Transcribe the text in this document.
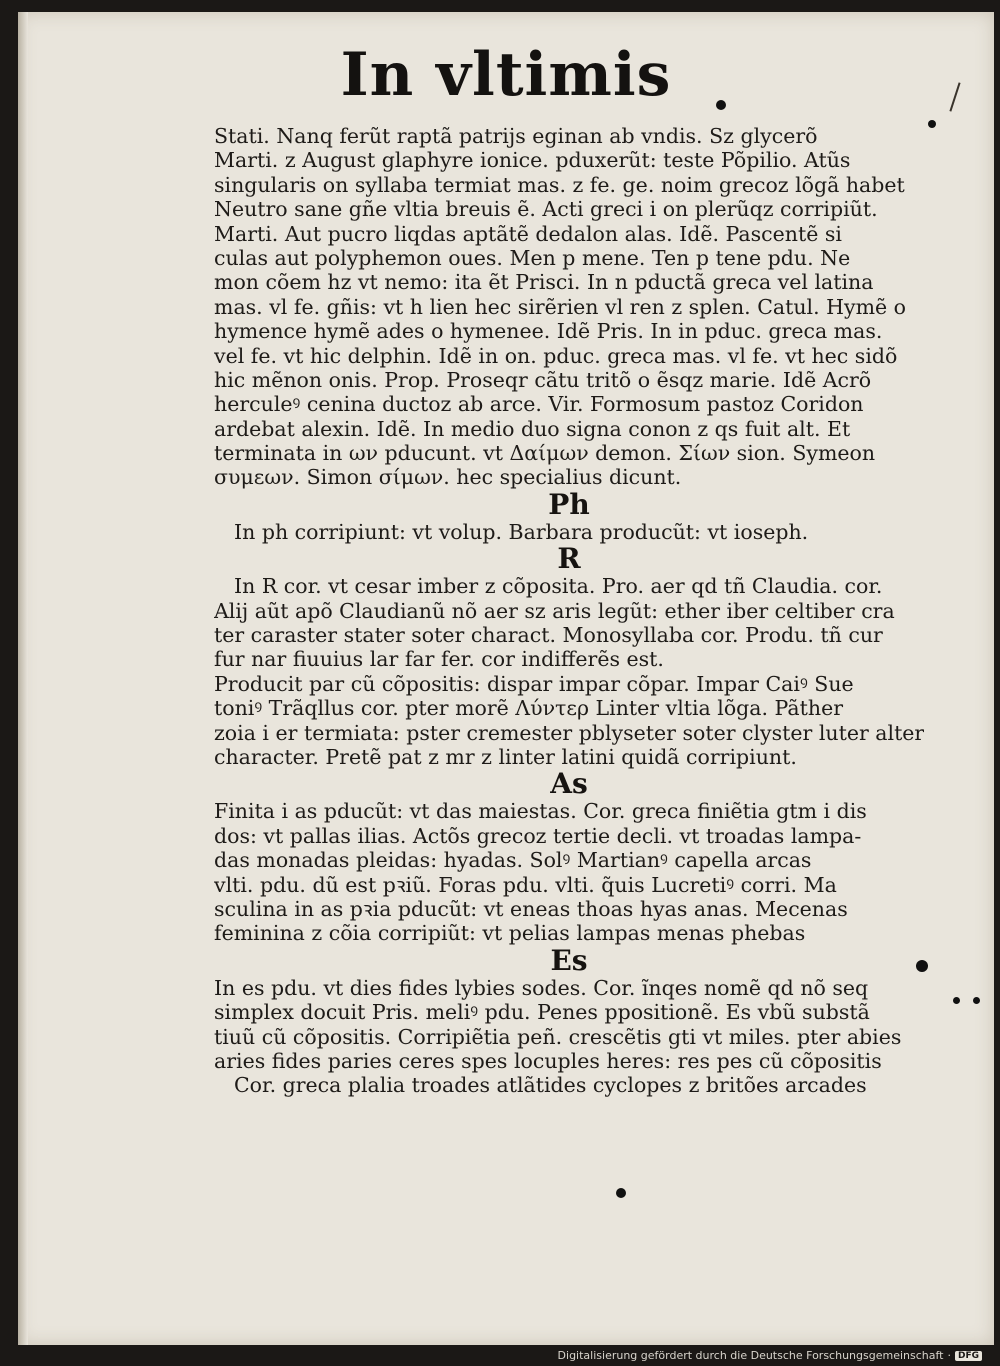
In vltimis
Stati. Nanq ferũt raptã patrijs eginan ab vndis. Sz glycerõ
Marti. z August glaphyre ionice. pduxerũt: teste Põpilio. Atũs
singularis on syllaba termiat mas. z fe. ge. noim grecoz lõgã habet
Neutro sane gñe vltia breuis ẽ. Acti greci i on plerũqz corripiũt.
Marti. Aut pucro liqdas aptãtẽ dedalon alas. Idẽ. Pascentẽ si
culas aut polyphemon oues. Men p mene. Ten p tene pdu. Ne
mon cõem hz vt nemo: ita ẽt Prisci. In n pductã greca vel latina
mas. vl fe. gñis: vt h lien hec sirẽrien vl ren z splen. Catul. Hymẽ o
hymence hymẽ ades o hymenee. Idẽ Pris. In in pduc. greca mas.
vel fe. vt hic delphin. Idẽ in on. pduc. greca mas. vl fe. vt hec sidõ
hic mẽnon onis. Prop. Proseqr cãtu tritõ o ẽsqz marie. Idẽ Acrõ
herculeꝰ cenina ductoz ab arce. Vir. Formosum pastoz Coridon
ardebat alexin. Idẽ. In medio duo signa conon z qs fuit alt. Et
terminata in ων pducunt. vt Δαίμων demon. Σίων sion. Symeon
συμεων. Simon σίμων. hec specialius dicunt.
Ph
In ph corripiunt: vt volup. Barbara producũt: vt ioseph.
R
In R cor. vt cesar imber z cõposita. Pro. aer qd tñ Claudia. cor.
Alij aũt apõ Claudianũ nõ aer sz aris legũt: ether iber celtiber cra
ter caraster stater soter charact. Monosyllaba cor. Produ. tñ cur
fur nar fiuuius lar far fer. cor indifferẽs est.
Producit par cũ cõpositis: dispar impar cõpar. Impar Caiꝰ Sue
toniꝰ Trãqllus cor. pter morẽ Λύντερ Linter vltia lõga. Pãther
zoia i er termiata: pster cremester pblyseter soter clyster luter alter
character. Pretẽ pat z mr z linter latini quidã corripiunt.
As
Finita i as pducũt: vt das maiestas. Cor. greca finiẽtia gtm i dis
dos: vt pallas ilias. Actõs grecoz tertie decli. vt troadas lampa-
das monadas pleidas: hyadas. Solꝰ Martianꝰ capella arcas
vlti. pdu. dũ est pꝛiũ. Foras pdu. vlti. q̃uis Lucretiꝰ corri. Ma
sculina in as pꝛia pducũt: vt eneas thoas hyas anas. Mecenas
feminina z cõia corripiũt: vt pelias lampas menas phebas
Es
In es pdu. vt dies fides lybies sodes. Cor. ĩnqes nomẽ qd nõ seq
simplex docuit Pris. meliꝰ pdu. Penes ppositionẽ. Es vbũ substã
tiuũ cũ cõpositis. Corripiẽtia peñ. crescẽtis gti vt miles. pter abies
aries fides paries ceres spes locuples heres: res pes cũ cõpositis
Cor. greca plalia troades atlãtides cyclopes z britões arcades
Digitalisierung gefördert durch die Deutsche Forschungsgemeinschaft · DFG
